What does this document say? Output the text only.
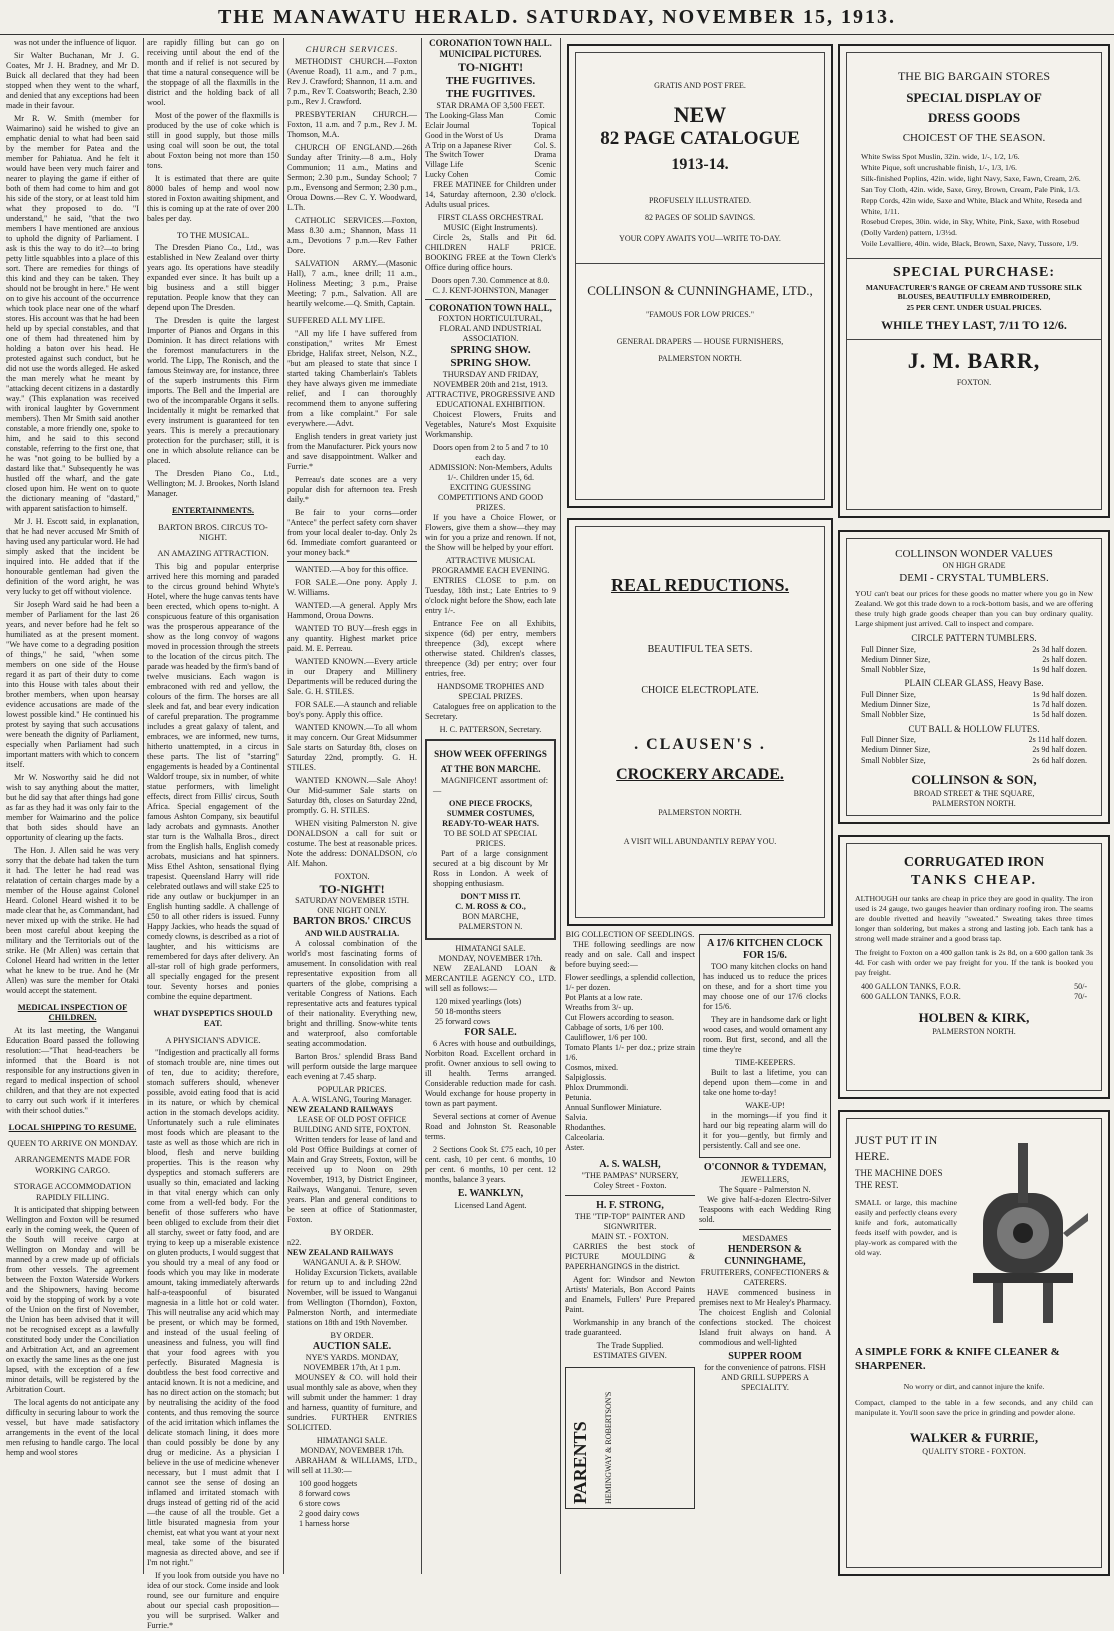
THE MANAWATU HERALD. SATURDAY, NOVEMBER 15, 1913.

was not under the influence of liquor.

Sir Walter Buchanan, Mr J. G. Coates, Mr J. H. Bradney, and Mr D. Buick all declared that they had been stopped when they went to the wharf, and denied that any exceptions had been made in their favour.

Mr R. W. Smith (member for Waimarino) said he wished to give an emphatic denial to what had been said by the member for Patea and the member for Pahiatua. And he felt it would have been very much fairer and nearer to playing the game if either of both of them had come to him and got his side of the story, or at least told him what they proposed to do. "I understand," he said, "that the two members I have mentioned are anxious to uphold the dignity of Parliament. I ask is this the way to do it?—to bring petty little squabbles into a place of this sort. There are remedies for things of this kind and they can be taken. They should not be brought in here." He went on to give his account of the occurrence which took place near one of the wharf stores. His account was that he had been held up by special constables, and that one of them had threatened him by holding a baton over his head. He protested against such conduct, but he did not use the words alleged. He asked the man merely what he meant by "attacking decent citizens in a dastardly way." (This explanation was received with ironical laughter by Government members). Then Mr Smith said another constable, a more friendly one, spoke to him, and he said to this second constable, referring to the first one, that he was "not going to be bullied by a dastard like that." Subsequently he was hustled off the wharf, and the gate closed upon him. He went on to quote the dictionary meaning of "dastard," with apparent satisfaction to himself.

Mr J. H. Escott said, in explanation, that he had never accused Mr Smith of having used any particular word. He had simply asked that the incident be inquired into. He added that if the honourable gentleman had given the definition of the word aright, he was very lucky to get off without violence.

Sir Joseph Ward said he had been a member of Parliament for the last 26 years, and never before had he felt so humiliated as at the present moment. "We have come to a degrading position of things," he said, "when some members on one side of the House regard it as part of their duty to come into this House with tales about their brother members, when upon hearsay evidence accusations are made of the lowest possible kind." He continued his protest by saying that such accusations were beneath the dignity of Parliament, especially when Parliament had such important matters with which to concern itself.

Mr W. Nosworthy said he did not wish to say anything about the matter, but he did say that after things had gone as far as they had it was only fair to the member for Waimarino and the police that both sides should have an opportunity of clearing up the facts.

The Hon. J. Allen said he was very sorry that the debate had taken the turn it had. The letter he had read was relatation of certain charges made by a member of the House against Colonel Heard. Colonel Heard wished it to be made clear that he, as Commandant, had never mixed up with the strike. He had been most careful about keeping the military and the Territorials out of the strike. He (Mr Allen) was certain that Colonel Heard had written in the letter what he knew to be true. And he (Mr Allen) was sure the member for Otaki would accept the statement.

MEDICAL INSPECTION OF CHILDREN.

At its last meeting, the Wanganui Education Board passed the following resolution:—"That head-teachers be informed that the Board is not responsible for any instructions given in regard to medical inspection of school children, and that they are not expected to carry out such work if it interferes with their school duties."

LOCAL SHIPPING TO RESUME.
QUEEN TO ARRIVE ON MONDAY.
ARRANGEMENTS MADE FOR WORKING CARGO.
STORAGE ACCOMMODATION RAPIDLY FILLING.

It is anticipated that shipping between Wellington and Foxton will be resumed early in the coming week, the Queen of the South will receive cargo at Wellington on Monday and will be manned by a crew made up of officials from other vessels. The agreement between the Foxton Waterside Workers and the Shipowners, having become void by the stopping of work by a vote of the Union on the first of November, the Union has been advised that it will not be recognised except as a lawfully constituted body under the Conciliation and Arbitration Act, and an agreement on exactly the same lines as the one just lapsed, with the exception of a few minor details, will be registered by the Arbitration Court.

The local agents do not anticipate any difficulty in securing labour to work the vessel, but have made satisfactory arrangements in the event of the local men refusing to handle cargo. The local hemp and wool stores

are rapidly filling but can go on receiving until about the end of the month and if relief is not secured by that time a natural consequence will be the stoppage of all the flaxmills in the district and the holding back of all wool.

Most of the power of the flaxmills is produced by the use of coke which is still in good supply, but those mills using coal will soon be out, the total about Foxton being not more than 150 tons.

It is estimated that there are quite 8000 bales of hemp and wool now stored in Foxton awaiting shipment, and this is coming up at the rate of over 200 bales per day.

TO THE MUSICAL.

The Dresden Piano Co., Ltd., was established in New Zealand over thirty years ago. Its operations have steadily expanded ever since. It has built up a big business and a still bigger reputation. People know that they can depend upon The Dresden.

The Dresden is quite the largest Importer of Pianos and Organs in this Dominion. It has direct relations with the foremost manufacturers in the world. The Lipp, The Ronisch, and the famous Steinway are, for instance, three of the superb instruments this Firm imports. The Bell and the Imperial are two of the incomparable Organs it sells. Incidentally it might be remarked that every instrument is guaranteed for ten years. This is merely a precautionary protection for the purchaser; still, it is one in which absolute reliance can be placed.

The Dresden Piano Co., Ltd., Wellington; M. J. Brookes, North Island Manager.

ENTERTAINMENTS.
BARTON BROS. CIRCUS TO-NIGHT.
AN AMAZING ATTRACTION.

This big and popular enterprise arrived here this morning and paraded to the circus ground behind Whyte's Hotel, where the huge canvas tents have been erected, which opens to-night. A conspicuous feature of this organisation was the prosperous appearance of the show as the long convoy of wagons moved in procession through the streets to the location of the circus pitch. The parade was headed by the firm's band of twelve musicians. Each wagon is embraconed with red and yellow, the colours of the firm. The horses are all sleek and fat, and bear every indication of careful preparation. The programme includes a great galaxy of talent, and embraces, we are informed, new turns, hitherto unattempted, in a circus in these parts. The list of "starring" engagements is headed by a Continental Waldorf troupe, six in number, of white statue performers, with limelight effects, direct from Fillis' circus, South Africa. Special engagement of the famous Ashton Company, six beautiful lady acrobats and gymnasts. Another star turn is the Walhalla Bros., direct from the English halls, English comedy acrobats, musicians and hat spinners. Miss Ethel Ashton, sensational flying trapesist. Queensland Harry will ride celebrated outlaws and will stake £25 to ride any outlaw or buckjumper in an English hunting saddle. A challenge of £50 to all other riders is issued. Funny Happy Jackies, who heads the squad of comedy clowns, is described as a riot of laughter, and his witticisms are remembered for days after delivery. An all-star roll of high grade performers, all specially engaged for the present tour. Seventy horses and ponies combine the equine department.

WHAT DYSPEPTICS SHOULD EAT.
A PHYSICIAN'S ADVICE.

"Indigestion and practically all forms of stomach trouble are, nine times out of ten, due to acidity; therefore, stomach sufferers should, whenever possible, avoid eating food that is acid in its nature, or which by chemical action in the stomach develops acidity. Unfortunately such a rule eliminates most foods which are pleasant to the taste as well as those which are rich in blood, flesh and nerve building properties. This is the reason why dyspeptics and stomach sufferers are usually so thin, emaciated and lacking in that vital energy which can only come from a well-fed body. For the benefit of those sufferers who have been obliged to exclude from their diet all starchy, sweet or fatty food, and are trying to keep up a miserable existence on gluten products, I would suggest that you should try a meal of any food or foods which you may like in moderate amount, taking immediately afterwards half-a-teaspoonful of bisurated magnesia in a little hot or cold water. This will neutralise any acid which may be present, or which may be formed, and instead of the usual feeling of uneasiness and fulness, you will find that your food agrees with you perfectly. Bisurated Magnesia is doubtless the best food corrective and antacid known. It is not a medicine, and has no direct action on the stomach; but by neutralising the acidity of the food contents, and thus removing the source of the acid irritation which inflames the delicate stomach lining, it does more than could possibly be done by any drug or medicine. As a physician I believe in the use of medicine whenever necessary, but I must admit that I cannot see the sense of dosing an inflamed and irritated stomach with drugs instead of getting rid of the acid—the cause of all the trouble. Get a little bisurated magnesia from your chemist, eat what you want at your next meal, take some of the bisurated magnesia as directed above, and see if I'm not right."

If you look from outside you have no idea of our stock. Come inside and look round, see our furniture and enquire about our special cash proposition—you will be surprised. Walker and Furrie.*

CHURCH SERVICES.

METHODIST CHURCH.—Foxton (Avenue Road), 11 a.m., and 7 p.m., Rev J. Crawford; Shannon, 11 a.m. and 7 p.m., Rev T. Coatsworth; Beach, 2.30 p.m., Rev J. Crawford.

PRESBYTERIAN CHURCH.—Foxton, 11 a.m. and 7 p.m., Rev J. M. Thomson, M.A.

CHURCH OF ENGLAND.—26th Sunday after Trinity.—8 a.m., Holy Communion; 11 a.m., Matins and Sermon; 2.30 p.m., Sunday School; 7 p.m., Evensong and Sermon; 2.30 p.m., Oroua Downs.—Rev C. Y. Woodward, L.Th.

CATHOLIC SERVICES.—Foxton, Mass 8.30 a.m.; Shannon, Mass 11 a.m., Devotions 7 p.m.—Rev Father Dore.

SALVATION ARMY.—(Masonic Hall), 7 a.m., knee drill; 11 a.m., Holiness Meeting; 3 p.m., Praise Meeting; 7 p.m., Salvation. All are heartily welcome.—Q. Smith, Captain.

SUFFERED ALL MY LIFE.

"All my life I have suffered from constipation," writes Mr Ernest Ebridge, Halifax street, Nelson, N.Z., "but am pleased to state that since I started taking Chamberlain's Tablets they have always given me immediate relief, and I can thoroughly recommend them to anyone suffering from a like complaint." For sale everywhere.—Advt.

English tenders in great variety just from the Manufacturer. Pick yours now and save disappointment. Walker and Furrie.*

Perreau's date scones are a very popular dish for afternoon tea. Fresh daily.*

Be fair to your corns—order "Antece" the perfect safety corn shaver from your local dealer to-day. Only 2s 6d. Immediate comfort guaranteed or your money back.*

WANTED.—A boy for this office.

FOR SALE.—One pony. Apply J. W. Williams.

WANTED.—A general. Apply Mrs Hammond, Oroua Downs.

WANTED TO BUY—fresh eggs in any quantity. Highest market price paid. M. E. Perreau.

WANTED KNOWN.—Every article in our Drapery and Millinery Departments will be reduced during the Sale. G. H. STILES.

FOR SALE.—A staunch and reliable boy's pony. Apply this office.

WANTED KNOWN.—To all whom it may concern. Our Great Midsummer Sale starts on Saturday 8th, closes on Saturday 22nd, promptly. G. H. STILES.

WANTED KNOWN.—Sale Ahoy! Our Mid-summer Sale starts on Saturday 8th, closes on Saturday 22nd, promptly. G. H. STILES.

WHEN visiting Palmerston N. give DONALDSON a call for suit or costume. The best at reasonable prices. Note the address: DONALDSON, c/o Alf. Mahon.

FOXTON.
TO-NIGHT!
SATURDAY NOVEMBER 15TH. ONE NIGHT ONLY.
BARTON BROS.' CIRCUS
AND WILD AUSTRALIA.

A colossal combination of the world's most fascinating forms of amusement. In consolidation with real representative exposition from all quarters of the globe, comprising a veritable Congress of Nations. Each representative acts and features typical of their nationality. Everything new, bright and thrilling. Snow-white tents and waterproof, also comfortable seating accommodation.

Barton Bros.' splendid Brass Band will perform outside the large marquee each evening at 7.45 sharp.

POPULAR PRICES.
A. A. WISLANG, Touring Manager.
NEW ZEALAND RAILWAYS
LEASE OF OLD POST OFFICE BUILDING AND SITE, FOXTON.

Written tenders for lease of land and old Post Office Buildings at corner of Main and Gray Streets, Foxton, will be received up to Noon on 29th November, 1913, by District Engineer, Railways, Wanganui. Tenure, seven years. Plan and general conditions to be seen at office of Stationmaster, Foxton.

BY ORDER.
n22.
NEW ZEALAND RAILWAYS
WANGANUI A. & P. SHOW.

Holiday Excursion Tickets, available for return up to and including 22nd November, will be issued to Wanganui from Wellington (Thorndon), Foxton, Palmerston North, and intermediate stations on 18th and 19th November.

BY ORDER.
AUCTION SALE.
NYE'S YARDS. MONDAY, NOVEMBER 17th, At 1 p.m.

MOUNSEY & CO. will hold their usual monthly sale as above, when they will submit under the hammer: 1 dray and harness, quantity of furniture, and sundries. FURTHER ENTRIES SOLICITED.

HIMATANGI SALE.
MONDAY, NOVEMBER 17th.

ABRAHAM & WILLIAMS, LTD., will sell at 11.30:—

100 good hoggets
8 forward cows
6 store cows
2 good dairy cows
1 harness horse
CORONATION TOWN HALL.
MUNICIPAL PICTURES.
TO-NIGHT!
THE FUGITIVES.
THE FUGITIVES.
STAR DRAMA OF 3,500 FEET.
The Looking-Glass Man	Comic
Eclair Journal	Topical
Good in the Worst of Us	Drama
A Trip on a Japanese River	Col. S.
The Switch Tower	Drama
Village Life	Scenic
Lucky Cohen	Comic

FREE MATINEE for Children under 14, Saturday afternoon, 2.30 o'clock. Adults usual prices.

FIRST CLASS ORCHESTRAL MUSIC (Eight Instruments).

Circle 2s, Stalls and Pit 6d. CHILDREN HALF PRICE. BOOKING FREE at the Town Clerk's Office during office hours.

Doors open 7.30. Commence at 8.0.
C. J. KENT-JOHNSTON, Manager
CORONATION TOWN HALL,
FOXTON HORTICULTURAL, FLORAL AND INDUSTRIAL ASSOCIATION.
SPRING SHOW.
SPRING SHOW.
THURSDAY AND FRIDAY, NOVEMBER 20th and 21st, 1913.
ATTRACTIVE, PROGRESSIVE AND EDUCATIONAL EXHIBITION.

Choicest Flowers, Fruits and Vegetables, Nature's Most Exquisite Workmanship.

Doors open from 2 to 5 and 7 to 10 each day.
ADMISSION: Non-Members, Adults 1/-. Children under 15, 6d.
EXCITING GUESSING COMPETITIONS AND GOOD PRIZES.

If you have a Choice Flower, or Flowers, give them a show—they may win for you a prize and renown. If not, the Show will be helped by your effort.

ATTRACTIVE MUSICAL PROGRAMME EACH EVENING.

ENTRIES CLOSE to p.m. on Tuesday, 18th inst.; Late Entries to 9 o'clock night before the Show, each late entry 1/-.

Entrance Fee on all Exhibits, sixpence (6d) per entry, members threepence (3d), except where otherwise stated. Children's classes, threepence (3d) per entry; over four entries, free.

HANDSOME TROPHIES AND SPECIAL PRIZES.

Catalogues free on application to the Secretary.

H. C. PATTERSON, Secretary.
SHOW WEEK OFFERINGS AT THE BON MARCHE.

MAGNIFICENT assortment of:—

ONE PIECE FROCKS,
SUMMER COSTUMES,
READY-TO-WEAR HATS.
TO BE SOLD AT SPECIAL PRICES.

Part of a large consignment secured at a big discount by Mr Ross in London. A week of shopping enthusiasm.

DON'T MISS IT.
C. M. ROSS & CO.,
BON MARCHE,
PALMERSTON N.
HIMATANGI SALE.
MONDAY, NOVEMBER 17th.

NEW ZEALAND LOAN & MERCANTILE AGENCY CO., LTD. will sell as follows:—

120 mixed yearlings (lots)
50 18-months steers
25 forward cows
FOR SALE.

6 Acres with house and outbuildings, Norbiton Road. Excellent orchard in profit. Owner anxious to sell owing to ill health. Terms arranged. Considerable reduction made for cash. Would exchange for house property in town as part payment.

Several sections at corner of Avenue Road and Johnston St. Reasonable terms.

2 Sections Cook St. £75 each, 10 per cent. cash, 10 per cent. 6 months, 10 per cent. 6 months, 10 per cent. 12 months, balance 3 years.

E. WANKLYN,
Licensed Land Agent.
GRATIS AND POST FREE.
NEW
82 PAGE CATALOGUE
1913-14.
PROFUSELY ILLUSTRATED.
82 PAGES OF SOLID SAVINGS.
YOUR COPY AWAITS YOU—WRITE TO-DAY.
COLLINSON & CUNNINGHAME, LTD.,
"FAMOUS FOR LOW PRICES."
GENERAL DRAPERS — HOUSE FURNISHERS,
PALMERSTON NORTH.
REAL REDUCTIONS.
BEAUTIFUL TEA SETS.
CHOICE ELECTROPLATE.
. CLAUSEN'S .
CROCKERY ARCADE.
PALMERSTON NORTH.
A VISIT WILL ABUNDANTLY REPAY YOU.
BIG COLLECTION OF SEEDLINGS.

THE following seedlings are now ready and on sale. Call and inspect before buying seed:—

Flower seedlings, a splendid collection, 1/- per dozen.
Pot Plants at a low rate.
Wreaths from 3/- up.
Cut Flowers according to season.
Cabbage of sorts, 1/6 per 100.
Cauliflower, 1/6 per 100.
Tomato Plants 1/- per doz.; prize strain 1/6.
Cosmos, mixed.
Salpiglossis.
Phlox Drummondi.
Petunia.
Annual Sunflower Miniature.
Salvia.
Rhodanthes.
Calceolaria.
Aster.
A. S. WALSH,
"THE PAMPAS" NURSERY,
Coley Street - Foxton.
H. F. STRONG,
THE "TIP-TOP" PAINTER AND SIGNWRITER.
MAIN ST. - FOXTON.

CARRIES the best stock of PICTURE MOULDING & PAPERHANGINGS in the district.

Agent for: Windsor and Newton Artists' Materials, Bon Accord Paints and Enamels, Fullers' Pure Prepared Paint.

Workmanship in any branch of the trade guaranteed.

The Trade Supplied.
ESTIMATES GIVEN.
PARENTS	HEMINGWAY & ROBERTSON'S
A 17/6 KITCHEN CLOCK FOR 15/6.

TOO many kitchen clocks on hand has induced us to reduce the prices on these, and for a short time you may choose one of our 17/6 clocks for 15/6.

They are in handsome dark or light wood cases, and would ornament any room. But first, second, and all the time they're

TIME-KEEPERS.

Built to last a lifetime, you can depend upon them—come in and take one home to-day!

WAKE-UP!

in the mornings—if you find it hard our big repeating alarm will do it for you—gently, but firmly and persistently. Call and see one.

O'CONNOR & TYDEMAN,
JEWELLERS,
The Square - Palmerston N.

We give half-a-dozen Electro-Silver Teaspoons with each Wedding Ring sold.

MESDAMES
HENDERSON & CUNNINGHAME,
FRUITERERS, CONFECTIONERS & CATERERS.

HAVE commenced business in premises next to Mr Healey's Pharmacy. The choicest English and Colonial confections stocked. The choicest Island fruit always on hand. A commodious and well-lighted

SUPPER ROOM
for the convenience of patrons. FISH AND GRILL SUPPERS A SPECIALITY.
THE BIG BARGAIN STORES
SPECIAL DISPLAY OF
DRESS GOODS
CHOICEST OF THE SEASON.
White Swiss Spot Muslin, 32in. wide, 1/-, 1/2, 1/6.
White Pique, soft uncrushable finish, 1/-, 1/3, 1/6.
Silk-finished Poplins, 42in. wide, light Navy, Saxe, Fawn, Cream, 2/6.
San Toy Cloth, 42in. wide, Saxe, Grey, Brown, Cream, Pale Pink, 1/3.
Repp Cords, 42in wide, Saxe and White, Black and White, Reseda and White, 1/11.
Rosebud Crepes, 30in. wide, in Sky, White, Pink, Saxe, with Rosebud (Dolly Varden) pattern, 1/3½d.
Voile Levalliere, 40in. wide, Black, Brown, Saxe, Navy, Tussore, 1/9.
SPECIAL PURCHASE:
MANUFACTURER'S RANGE OF CREAM AND TUSSORE SILK BLOUSES, BEAUTIFULLY EMBROIDERED,
25 PER CENT. UNDER USUAL PRICES.
WHILE THEY LAST, 7/11 TO 12/6.
J. M. BARR,
FOXTON.
COLLINSON WONDER VALUES
ON HIGH GRADE
DEMI - CRYSTAL TUMBLERS.
YOU can't beat our prices for these goods no matter where you go in New Zealand. We got this trade down to a rock-bottom basis, and we are offering these truly high grade goods cheaper than you can buy ordinary quality. Large shipment just arrived. Call to inspect and compare.
CIRCLE PATTERN TUMBLERS.
Full Dinner Size,	2s 3d half dozen.
Medium Dinner Size,	2s half dozen.
Small Nobbler Size,	1s 9d half dozen.
PLAIN CLEAR GLASS, Heavy Base.
Full Dinner Size,	1s 9d half dozen.
Medium Dinner Size,	1s 7d half dozen.
Small Nobbler Size,	1s 5d half dozen.
CUT BALL & HOLLOW FLUTES.
Full Dinner Size,	2s 11d half dozen.
Medium Dinner Size,	2s 9d half dozen.
Small Nobbler Size,	2s 6d half dozen.
COLLINSON & SON,
BROAD STREET & THE SQUARE,
PALMERSTON NORTH.
CORRUGATED IRON
TANKS CHEAP.
ALTHOUGH our tanks are cheap in price they are good in quality. The iron used is 24 gauge, two gauges heavier than ordinary roofing iron. The seams are double rivetted and heavily "sweated." Sweating takes three times longer than soldering, but makes a strong and lasting job. Each tank has a strong well made strainer and a good brass tap.
The freight to Foxton on a 400 gallon tank is 2s 8d, on a 600 gallon tank 3s 4d. For cash with order we pay freight for you. If the tank is booked you pay freight.
400 GALLON TANKS, F.O.R.	50/-
600 GALLON TANKS, F.O.R.	70/-
HOLBEN & KIRK,
PALMERSTON NORTH.
JUST PUT IT IN HERE.
THE MACHINE DOES THE REST.
SMALL or large, this machine easily and perfectly cleans every knife and fork, automatically feeds itself with powder, and is play-work as compared with the old way.
A SIMPLE FORK & KNIFE CLEANER & SHARPENER.
No worry or dirt, and cannot injure the knife.
Compact, clamped to the table in a few seconds, and any child can manipulate it. You'll soon save the price in grinding and powder alone.
WALKER & FURRIE,
QUALITY STORE - FOXTON.
